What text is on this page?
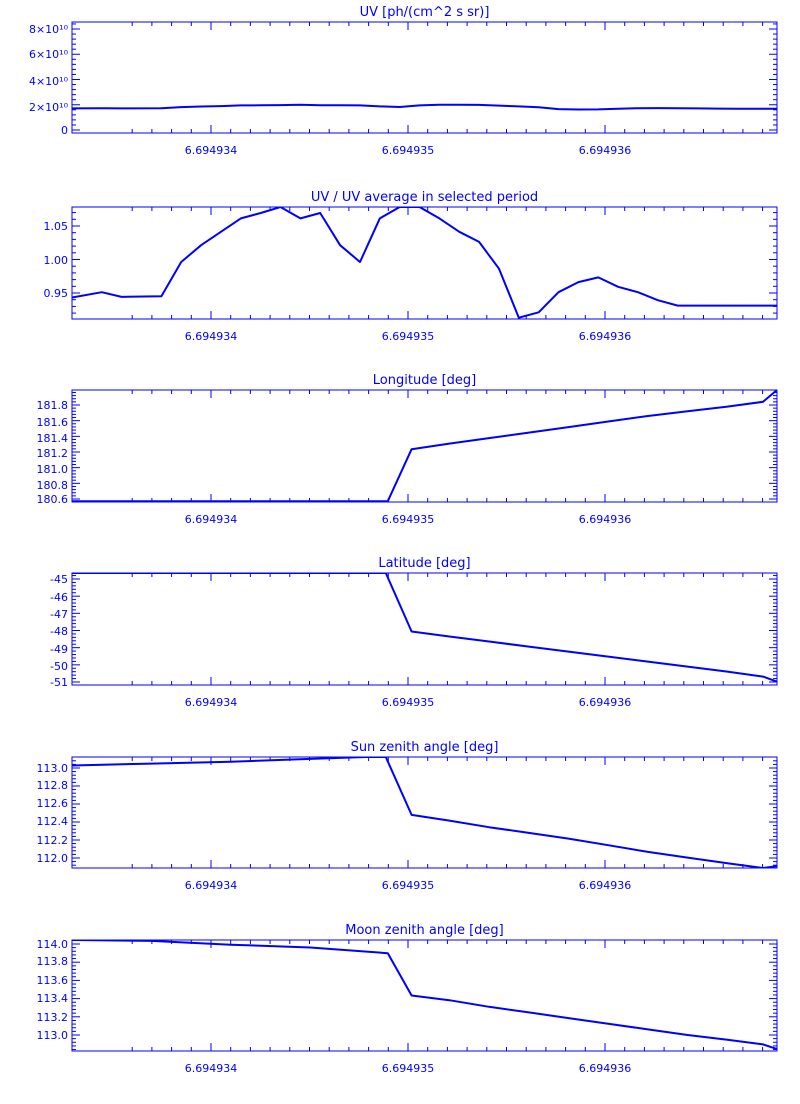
UV [ph/(cm^2 s sr)]
6.694934	6.694935	6.694936
8×10¹⁰
6×10¹⁰
4×10¹⁰
2×10¹⁰
0
UV / UV average in selected period
6.694934	6.694935	6.694936
1.05
1.00
0.95
Longitude [deg]
6.694934	6.694935	6.694936
181.8
181.6
181.4
181.2
181.0
180.8
180.6
Latitude [deg]
6.694934	6.694935	6.694936
-45
-46
-47
-48
-49
-50
-51
Sun zenith angle [deg]
6.694934	6.694935	6.694936
113.0
112.8
112.6
112.4
112.2
112.0
Moon zenith angle [deg]
6.694934	6.694935	6.694936
114.0
113.8
113.6
113.4
113.2
113.0
